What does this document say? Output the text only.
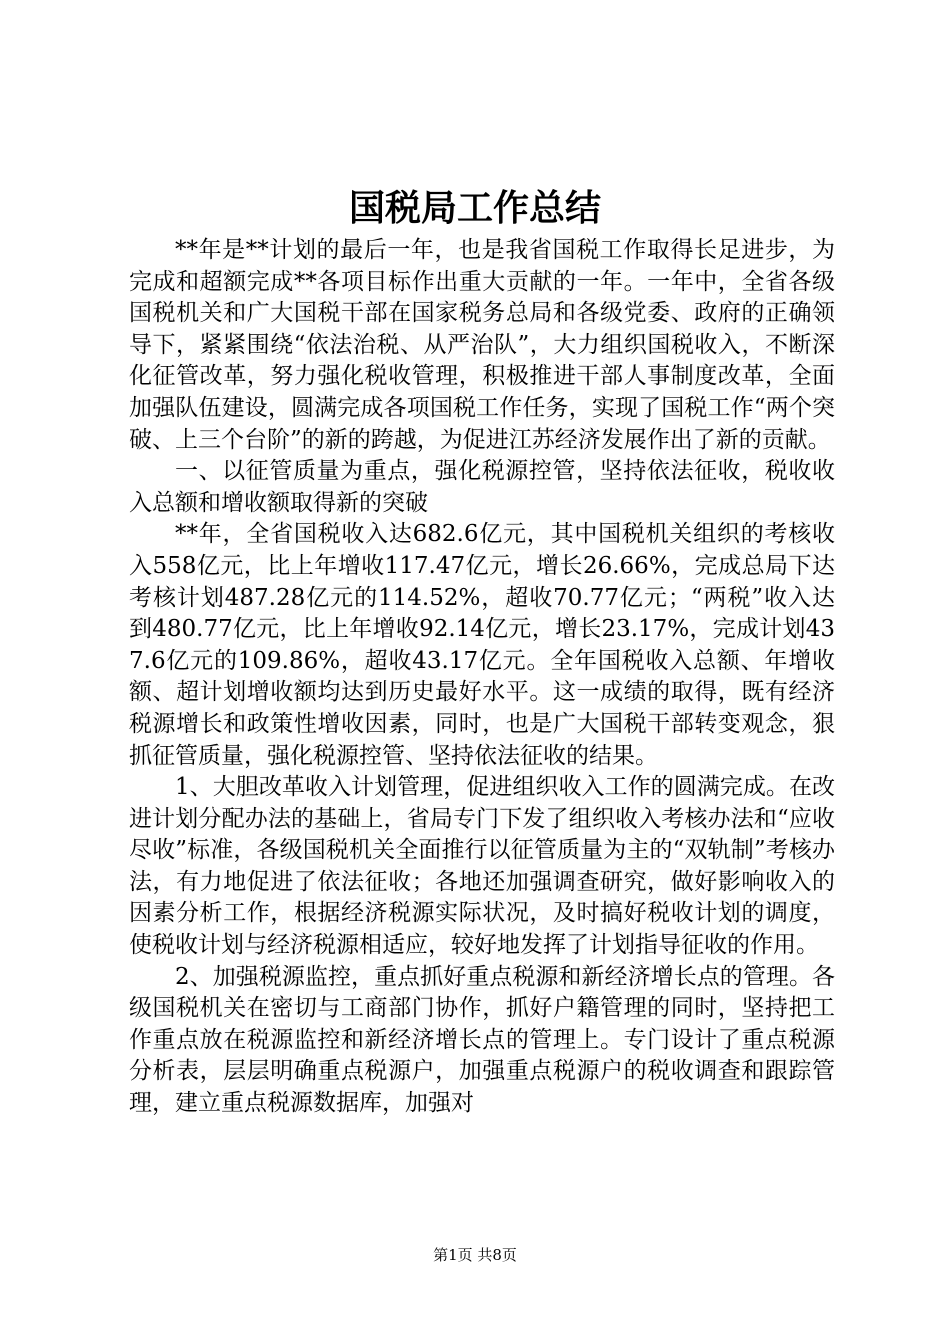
国税局工作总结

**年是**计划的最后一年，也是我省国税工作取得长足进步，为完成和超额完成**各项目标作出重大贡献的一年。一年中，全省各级国税机关和广大国税干部在国家税务总局和各级党委、政府的正确领导下，紧紧围绕“依法治税、从严治队”，大力组织国税收入，不断深化征管改革，努力强化税收管理，积极推进干部人事制度改革，全面加强队伍建设，圆满完成各项国税工作任务，实现了国税工作“两个突破、上三个台阶”的新的跨越，为促进江苏经济发展作出了新的贡献。

一、以征管质量为重点，强化税源控管，坚持依法征收，税收收入总额和增收额取得新的突破

**年，全省国税收入达682.6亿元，其中国税机关组织的考核收入558亿元，比上年增收117.47亿元，增长26.66%，完成总局下达考核计划487.28亿元的114.52%，超收70.77亿元；“两税”收入达到480.77亿元，比上年增收92.14亿元，增长23.17%，完成计划437.6亿元的109.86%，超收43.17亿元。全年国税收入总额、年增收额、超计划增收额均达到历史最好水平。这一成绩的取得，既有经济税源增长和政策性增收因素，同时，也是广大国税干部转变观念，狠抓征管质量，强化税源控管、坚持依法征收的结果。

1、大胆改革收入计划管理，促进组织收入工作的圆满完成。在改进计划分配办法的基础上，省局专门下发了组织收入考核办法和“应收尽收”标准，各级国税机关全面推行以征管质量为主的“双轨制”考核办法，有力地促进了依法征收；各地还加强调查研究，做好影响收入的因素分析工作，根据经济税源实际状况，及时搞好税收计划的调度，使税收计划与经济税源相适应，较好地发挥了计划指导征收的作用。

2、加强税源监控，重点抓好重点税源和新经济增长点的管理。各级国税机关在密切与工商部门协作，抓好户籍管理的同时，坚持把工作重点放在税源监控和新经济增长点的管理上。专门设计了重点税源分析表，层层明确重点税源户，加强重点税源户的税收调查和跟踪管理，建立重点税源数据库，加强对

第1页 共8页
